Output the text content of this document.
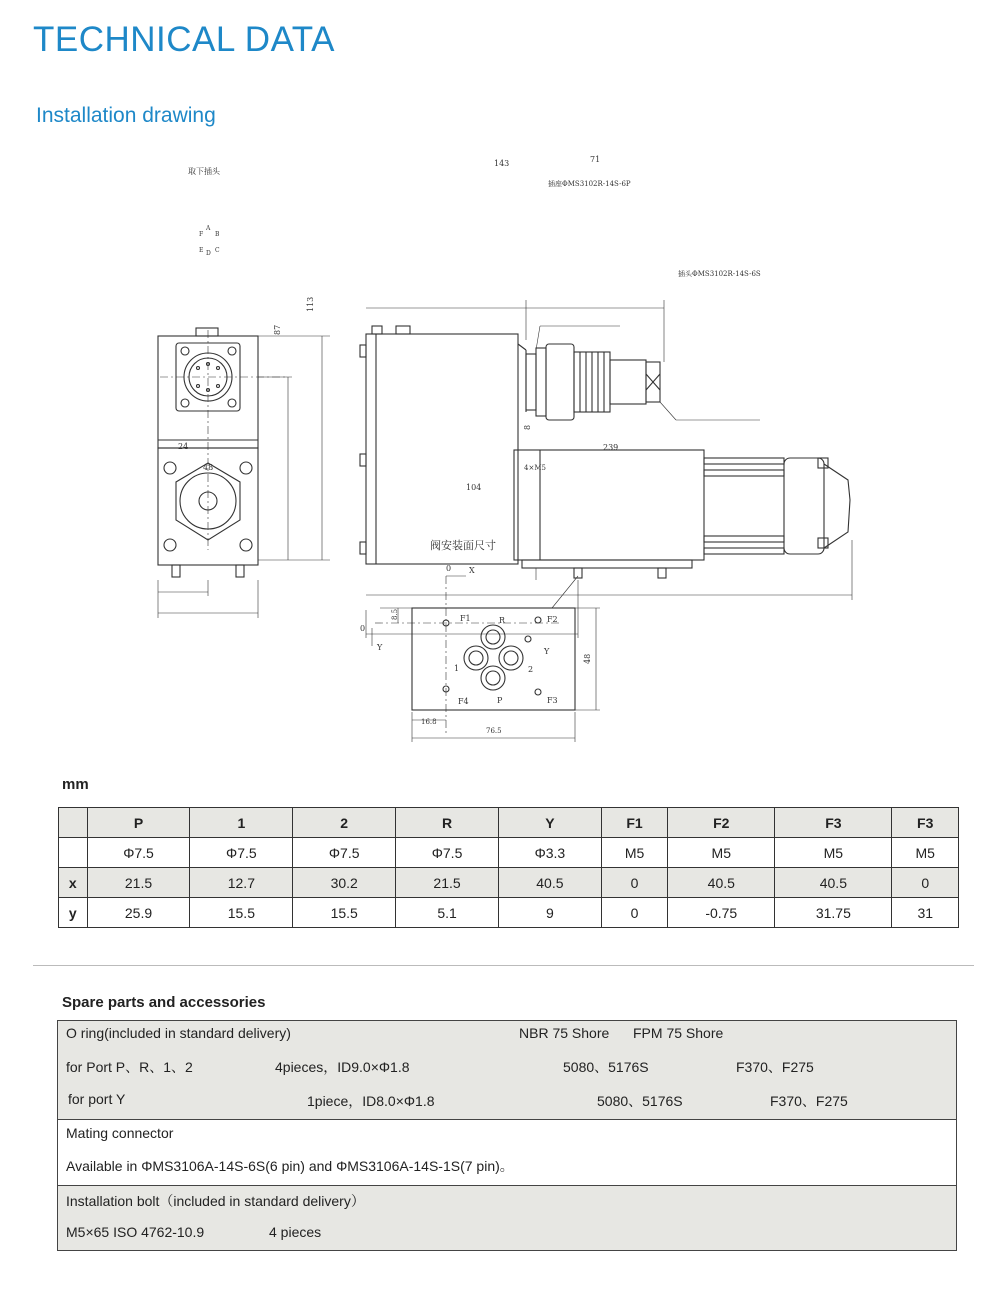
TECHNICAL DATA
Installation drawing
取下插头
F
A
B
C
D
E
113
87
24
48
143	71
插座ΦMS3102R-14S-6P
插头ΦMS3102R-14S-6S
239
104
8
4×M5
阀安装面尺寸
0 X
0
Y
8.5	F1	F2
F3
F4
R
1	2
P
Y
48
16.8
76.5
mm
	P	1	2	R	Y	F1	F2	F3	F3
	Φ7.5	Φ7.5	Φ7.5	Φ7.5	Φ3.3	M5	M5	M5	M5
x	21.5	12.7	30.2	21.5	40.5	0	40.5	40.5	0
y	25.9	15.5	15.5	5.1	9	0	-0.75	31.75	31
Spare parts and accessories
O ring(included in standard delivery)	NBR 75 Shore FPM 75 Shore
for Port P、R、1、2	4pieces，ID9.0×Φ1.8	5080、5176S	F370、F275
for port Y	1piece，ID8.0×Φ1.8	5080、5176S	F370、F275
Mating connector
Available in ΦMS3106A-14S-6S(6 pin) and ΦMS3106A-14S-1S(7 pin)。
Installation bolt（included in standard delivery）
M5×65 ISO 4762-10.9	4 pieces
